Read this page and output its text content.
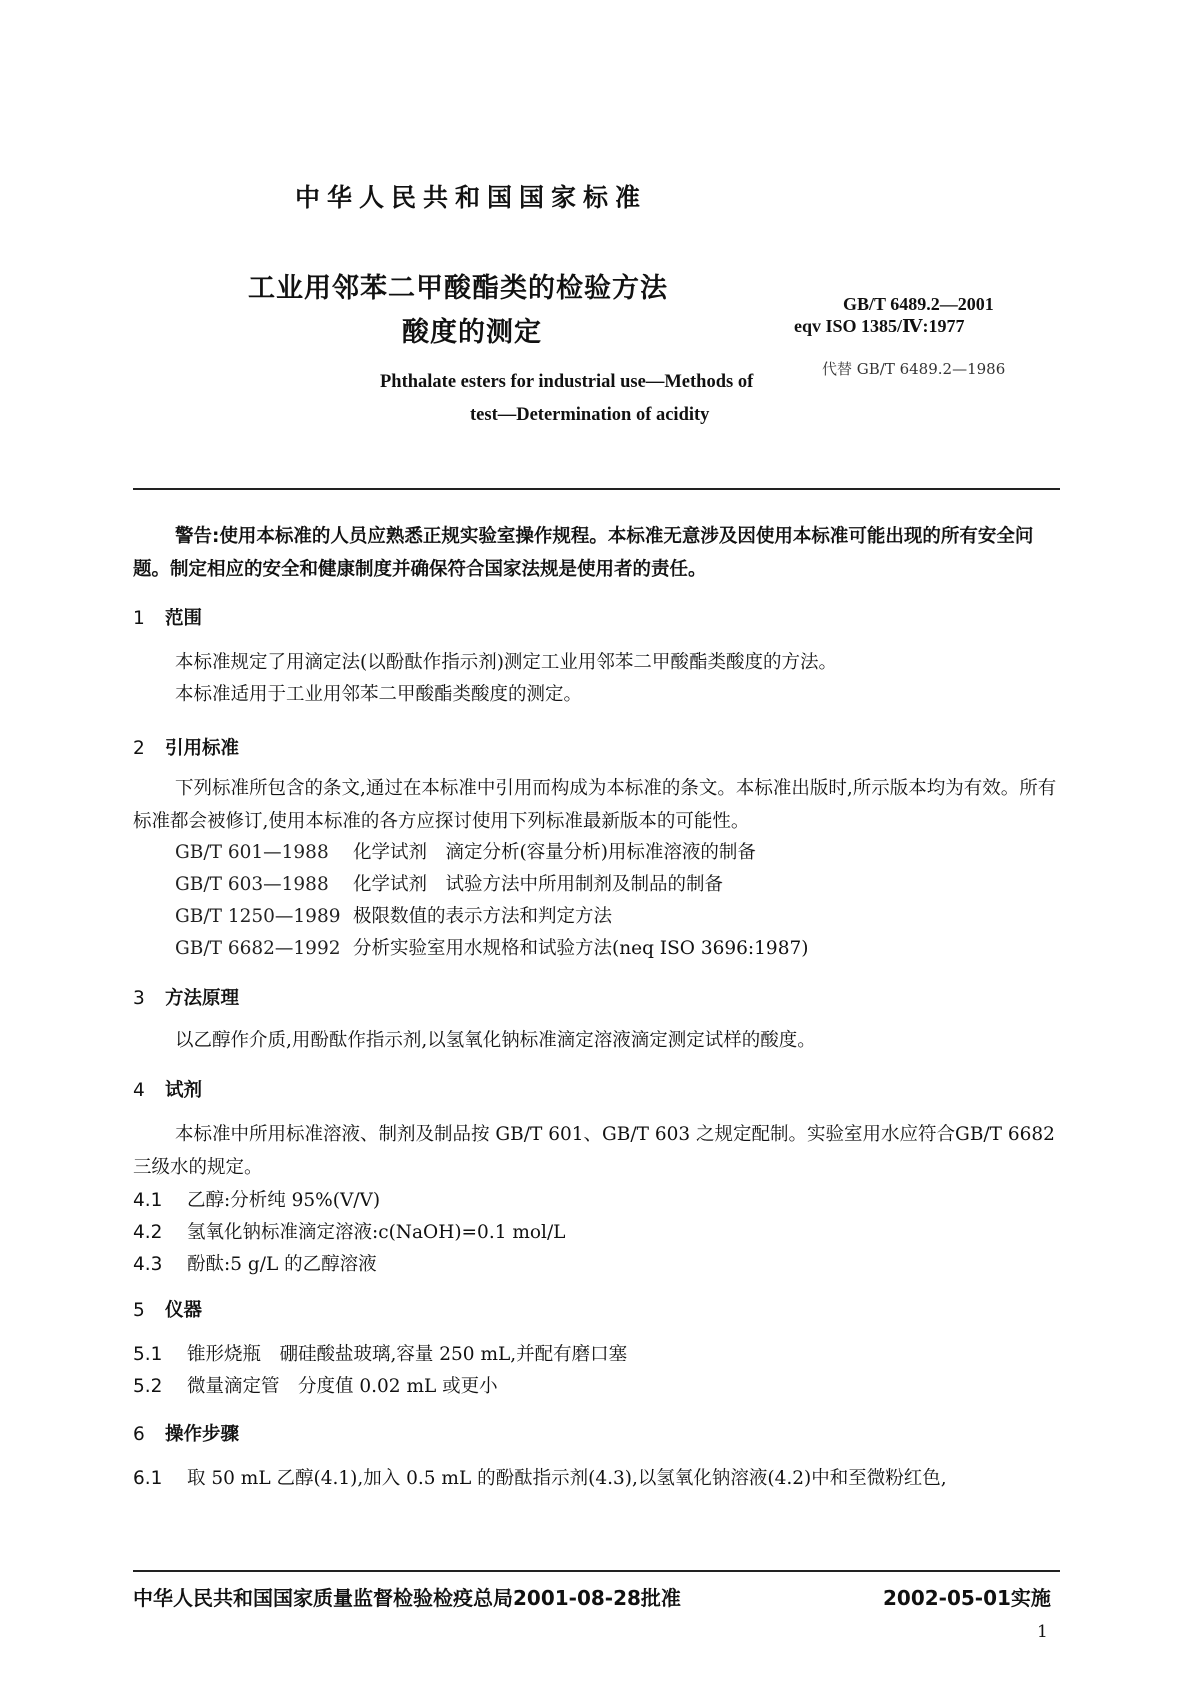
中华人民共和国国家标准
工业用邻苯二甲酸酯类的检验方法
酸度的测定
Phthalate esters for industrial use—Methods of
test—Determination of acidity
GB/T 6489.2—2001
eqv ISO 1385/Ⅳ:1977
代替 GB/T 6489.2—1986
警告:使用本标准的人员应熟悉正规实验室操作规程。本标准无意涉及因使用本标准可能出现的所有安全问题。制定相应的安全和健康制度并确保符合国家法规是使用者的责任。
1 范围
本标准规定了用滴定法(以酚酞作指示剂)测定工业用邻苯二甲酸酯类酸度的方法。
本标准适用于工业用邻苯二甲酸酯类酸度的测定。
2 引用标准
下列标准所包含的条文,通过在本标准中引用而构成为本标准的条文。本标准出版时,所示版本均为有效。所有标准都会被修订,使用本标准的各方应探讨使用下列标准最新版本的可能性。
GB/T 601—1988 化学试剂　滴定分析(容量分析)用标准溶液的制备
GB/T 603—1988 化学试剂　试验方法中所用制剂及制品的制备
GB/T 1250—1989 极限数值的表示方法和判定方法
GB/T 6682—1992 分析实验室用水规格和试验方法(neq ISO 3696:1987)
3 方法原理
以乙醇作介质,用酚酞作指示剂,以氢氧化钠标准滴定溶液滴定测定试样的酸度。
4 试剂
本标准中所用标准溶液、制剂及制品按 GB/T 601、GB/T 603 之规定配制。实验室用水应符合GB/T 6682三级水的规定。
4.1 乙醇:分析纯 95%(V/V)
4.2 氢氧化钠标准滴定溶液:c(NaOH)=0.1 mol/L
4.3 酚酞:5 g/L 的乙醇溶液
5 仪器
5.1 锥形烧瓶　硼硅酸盐玻璃,容量 250 mL,并配有磨口塞
5.2 微量滴定管　分度值 0.02 mL 或更小
6 操作步骤
6.1 取 50 mL 乙醇(4.1),加入 0.5 mL 的酚酞指示剂(4.3),以氢氧化钠溶液(4.2)中和至微粉红色,
中华人民共和国国家质量监督检验检疫总局2001-08-28批准	2002-05-01实施
1
